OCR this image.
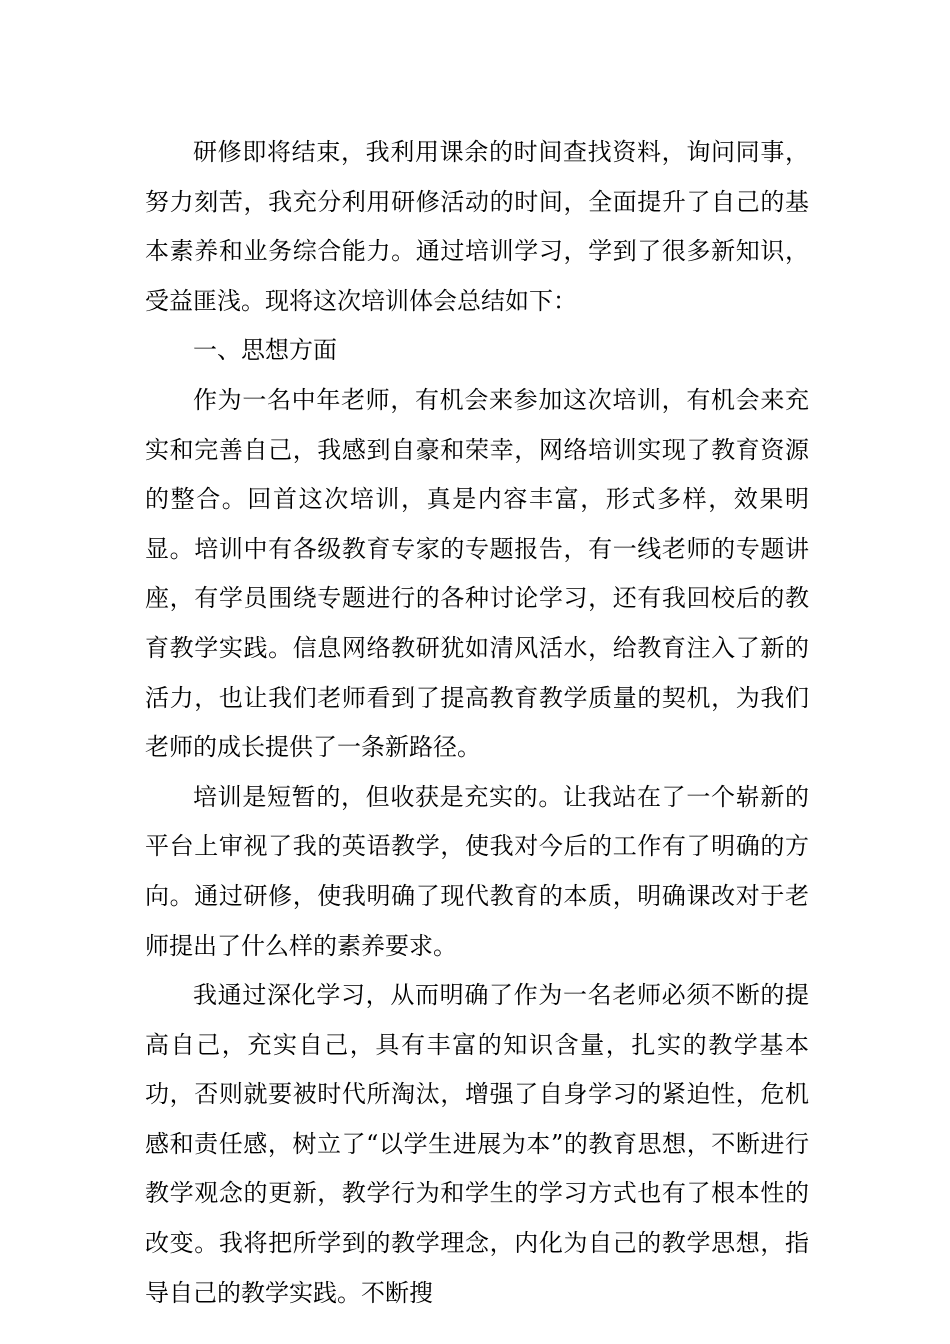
研修即将结束，我利用课余的时间查找资料，询问同事，努力刻苦，我充分利用研修活动的时间，全面提升了自己的基本素养和业务综合能力。通过培训学习，学到了很多新知识，受益匪浅。现将这次培训体会总结如下：

一、思想方面

作为一名中年老师，有机会来参加这次培训，有机会来充实和完善自己，我感到自豪和荣幸，网络培训实现了教育资源的整合。回首这次培训，真是内容丰富，形式多样，效果明显。培训中有各级教育专家的专题报告，有一线老师的专题讲座，有学员围绕专题进行的各种讨论学习，还有我回校后的教育教学实践。信息网络教研犹如清风活水，给教育注入了新的活力，也让我们老师看到了提高教育教学质量的契机，为我们老师的成长提供了一条新路径。

培训是短暂的，但收获是充实的。让我站在了一个崭新的平台上审视了我的英语教学，使我对今后的工作有了明确的方向。通过研修，使我明确了现代教育的本质，明确课改对于老师提出了什么样的素养要求。

我通过深化学习，从而明确了作为一名老师必须不断的提高自己，充实自己，具有丰富的知识含量，扎实的教学基本功，否则就要被时代所淘汰，增强了自身学习的紧迫性，危机感和责任感，树立了“以学生进展为本”的教育思想，不断进行教学观念的更新，教学行为和学生的学习方式也有了根本性的改变。我将把所学到的教学理念，内化为自己的教学思想，指导自己的教学实践。不断搜
